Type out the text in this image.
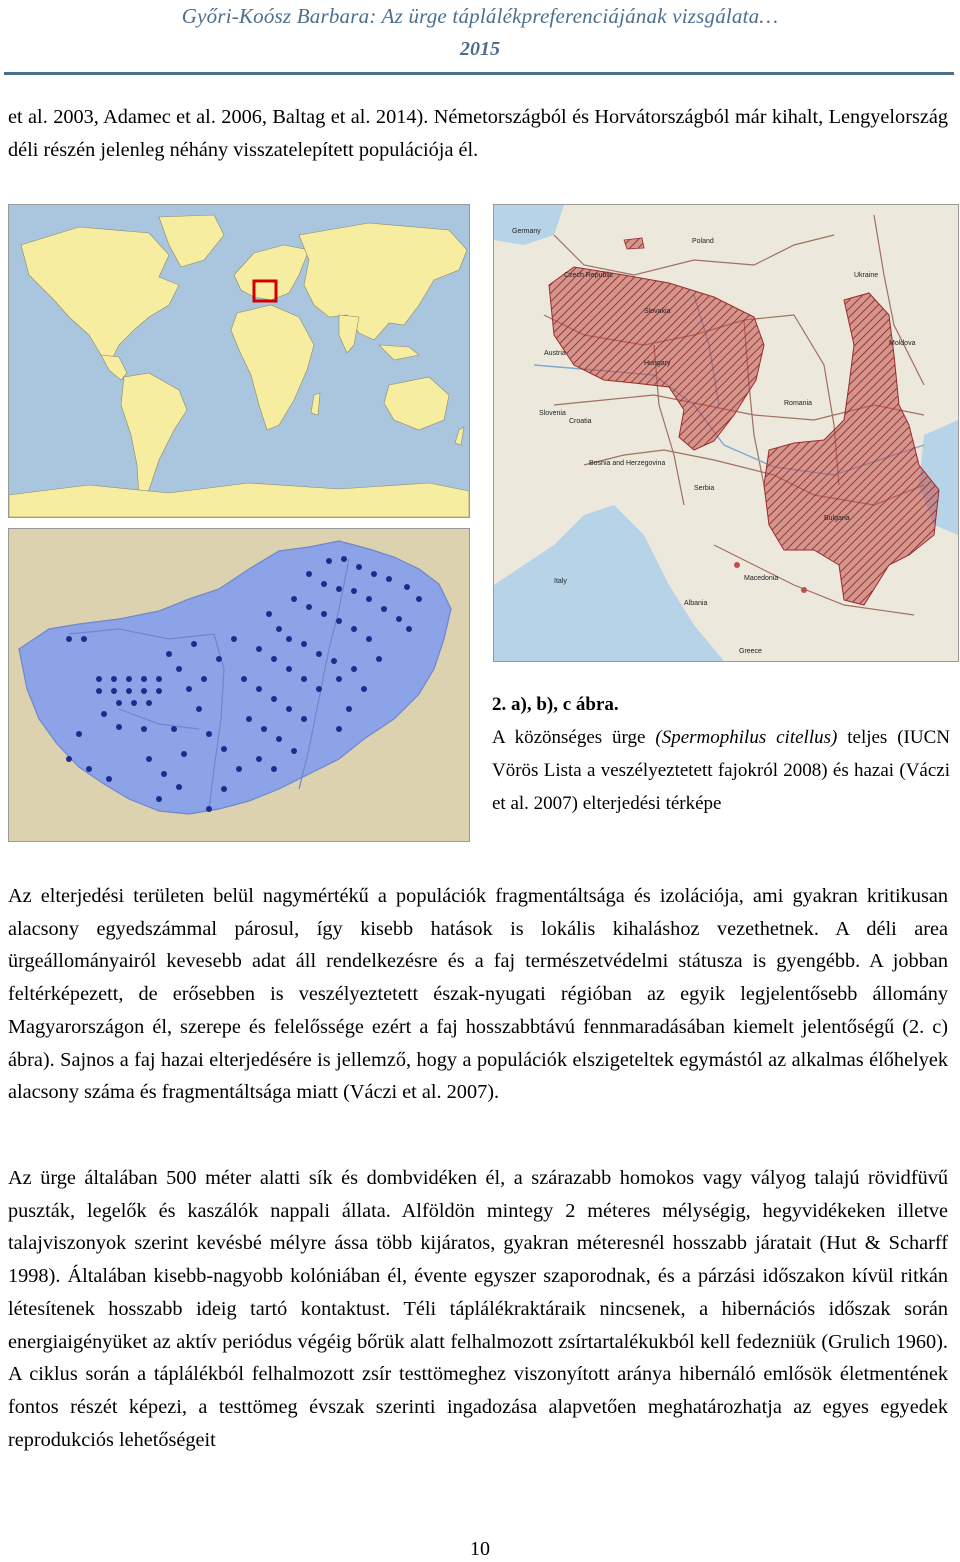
Győri-Koósz Barbara: Az ürge táplálékpreferenciájának vizsgálata…
2015

et al. 2003, Adamec et al. 2006, Baltag et al. 2014). Németországból és Horvátországból már kihalt, Lengyelország déli részén jelenleg néhány visszatelepített populációja él.

Germany
Poland
Czech Republic
Slovakia
Ukraine
Moldova
Austria
Hungary
Slovenia
Croatia
Romania
Bosnia and Herzegovina
Serbia
Bulgaria
Italy
Albania
Macedonia
Greece

2. a), b), c ábra.
A közönséges ürge (Spermophilus citellus) teljes (IUCN Vörös Lista a veszélyeztetett fajokról 2008) és hazai (Váczi et al. 2007) elterjedési térképe

Az elterjedési területen belül nagymértékű a populációk fragmentáltsága és izolációja, ami gyakran kritikusan alacsony egyedszámmal párosul, így kisebb hatások is lokális kihaláshoz vezethetnek. A déli area ürgeállományairól kevesebb adat áll rendelkezésre és a faj természetvédelmi státusza is gyengébb. A jobban feltérképezett, de erősebben is veszélyeztetett észak-nyugati régióban az egyik legjelentősebb állomány Magyarországon él, szerepe és felelőssége ezért a faj hosszabbtávú fennmaradásában kiemelt jelentőségű (2. c) ábra). Sajnos a faj hazai elterjedésére is jellemző, hogy a populációk elszigeteltek egymástól az alkalmas élőhelyek alacsony száma és fragmentáltsága miatt (Váczi et al. 2007).

Az ürge általában 500 méter alatti sík és dombvidéken él, a szárazabb homokos vagy vályog talajú rövidfüvű puszták, legelők és kaszálók nappali állata. Alföldön mintegy 2 méteres mélységig, hegyvidékeken illetve talajviszonyok szerint kevésbé mélyre ássa több kijáratos, gyakran méteresnél hosszabb járatait (Hut & Scharff 1998). Általában kisebb-nagyobb kolóniában él, évente egyszer szaporodnak, és a párzási időszakon kívül ritkán létesítenek hosszabb ideig tartó kontaktust. Téli táplálékraktáraik nincsenek, a hibernációs időszak során energiaigényüket az aktív periódus végéig bőrük alatt felhalmozott zsírtartalékukból kell fedezniük (Grulich 1960). A ciklus során a táplálékból felhalmozott zsír testtömeghez viszonyított aránya hibernáló emlősök életmentének fontos részét képezi, a testtömeg évszak szerinti ingadozása alapvetően meghatározhatja az egyes egyedek reprodukciós lehetőségeit

10
